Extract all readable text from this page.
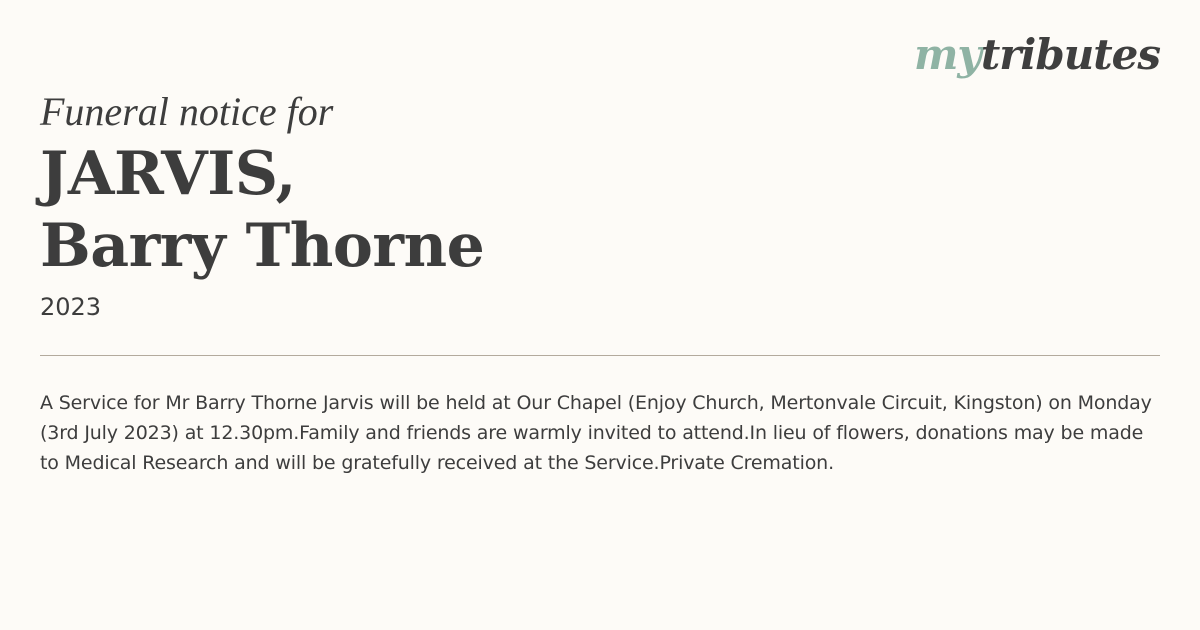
mytributes

Funeral notice for

JARVIS,
Barry Thorne

2023

A Service for Mr Barry Thorne Jarvis will be held at Our Chapel (Enjoy Church, Mertonvale Circuit, Kingston) on Monday (3rd July 2023) at 12.30pm.Family and friends are warmly invited to attend.In lieu of flowers, donations may be made to Medical Research and will be gratefully received at the Service.Private Cremation.
